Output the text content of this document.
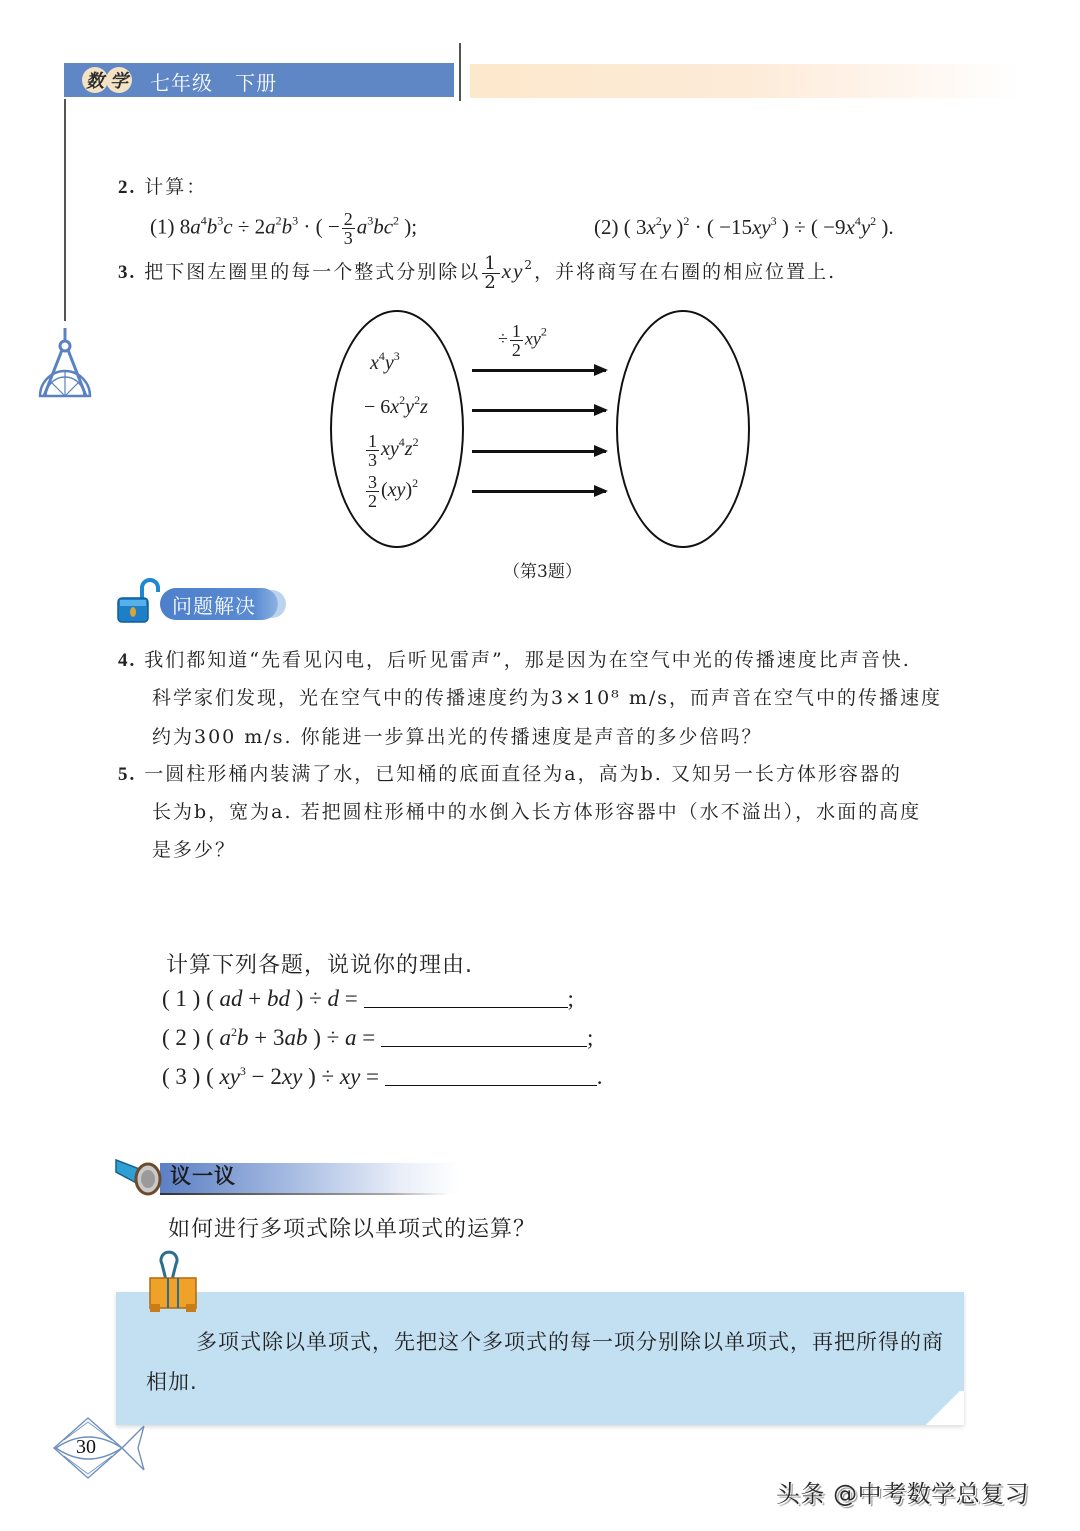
数 学 七年级   下册
2. 计算：
(1) $8a^4b^3c \div 2a^2b^3$ · ( − $\frac{2}{3} a^3bc^2$ );	(2) ( $3x^2y$ )$^2$ · ( $-15xy^3$ ) ÷ ( $-9x^4y^2$ ).
3. 把下图左圈里的每一个整式分别除以 $\frac{1}{2} xy^2$，并将商写在右圈的相应位置上.
÷ $\frac{1}{2} xy^2$
$x^4y^3$
− $6x^2y^2z$
$\frac{1}{3} xy^4z^2$
$\frac{3}{2} (xy)^2$
（第3题）
问题解决
4. 我们都知道“先看见闪电，后听见雷声”，那是因为在空气中光的传播速度比声音快.
科学家们发现，光在空气中的传播速度约为3×10⁸ m/s，而声音在空气中的传播速度
约为300 m/s. 你能进一步算出光的传播速度是声音的多少倍吗？
5. 一圆柱形桶内装满了水，已知桶的底面直径为a，高为b. 又知另一长方体形容器的
长为b，宽为a. 若把圆柱形桶中的水倒入长方体形容器中（水不溢出），水面的高度
是多少？
计算下列各题，说说你的理由.
( 1 ) ( ad + bd ) ÷ d =	;
( 2 ) ( $a^2b + 3ab$ ) ÷ a =	;
( 3 ) ( $xy^3 - 2xy$ ) ÷ xy =	.
议一议
如何进行多项式除以单项式的运算？
多项式除以单项式，先把这个多项式的每一项分别除以单项式，再把所得的商相加.
30
头条 @中考数学总复习
